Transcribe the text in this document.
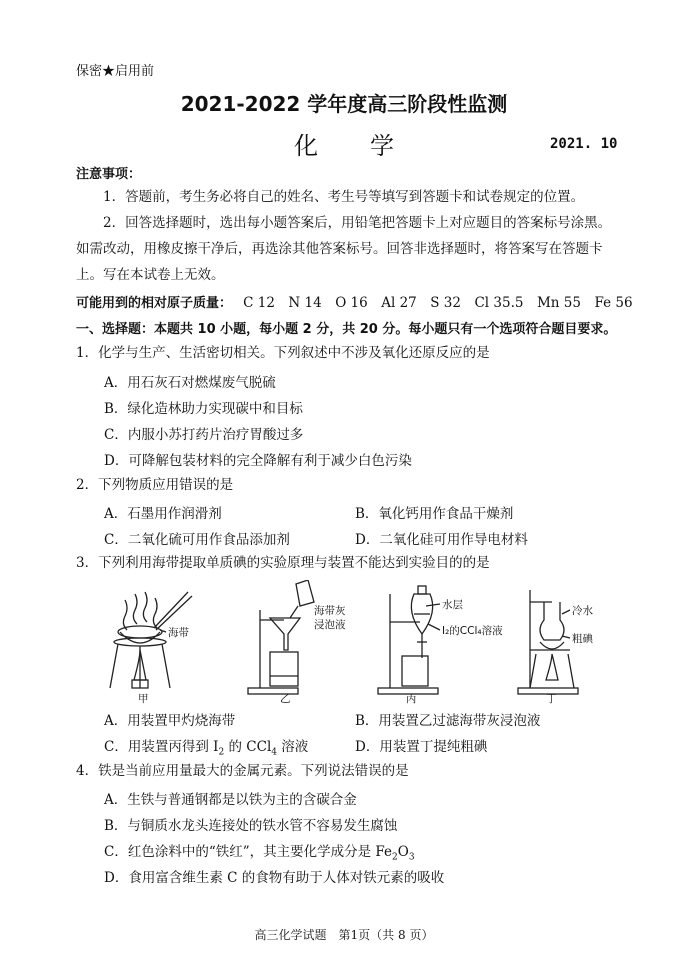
保密★启用前
2021-2022 学年度高三阶段性监测
化学	2021. 10
注意事项：
1．答题前，考生务必将自己的姓名、考生号等填写到答题卡和试卷规定的位置。
2．回答选择题时，选出每小题答案后，用铅笔把答题卡上对应题目的答案标号涂黑。如需改动，用橡皮擦干净后，再选涂其他答案标号。回答非选择题时，将答案写在答题卡上。写在本试卷上无效。
可能用到的相对原子质量： C 12　N 14　O 16　Al 27　S 32　Cl 35.5　Mn 55　Fe 56
一、选择题：本题共 10 小题，每小题 2 分，共 20 分。每小题只有一个选项符合题目要求。
1．化学与生产、生活密切相关。下列叙述中不涉及氧化还原反应的是
A．用石灰石对燃煤废气脱硫
B．绿化造林助力实现碳中和目标
C．内服小苏打药片治疗胃酸过多
D．可降解包装材料的完全降解有利于减少白色污染
2．下列物质应用错误的是
A．石墨用作润滑剂	B．氧化钙用作食品干燥剂
C．二氧化硫可用作食品添加剂	D．二氧化硅可用作导电材料
3．下列利用海带提取单质碘的实验原理与装置不能达到实验目的的是
海带
甲
海带灰
浸泡液
乙
水层
I₂的CCl₄溶液
丙
冷水
粗碘
丁
A．用装置甲灼烧海带	B．用装置乙过滤海带灰浸泡液
C．用装置丙得到 $I_2$ 的 CCl$_4$ 溶液	D．用装置丁提纯粗碘
4．铁是当前应用量最大的金属元素。下列说法错误的是
A．生铁与普通钢都是以铁为主的含碳合金
B．与铜质水龙头连接处的铁水管不容易发生腐蚀
C．红色涂料中的“铁红”，其主要化学成分是 $Fe_2O_3$
D．食用富含维生素 C 的食物有助于人体对铁元素的吸收
高三化学试题　第1页（共 8 页）
